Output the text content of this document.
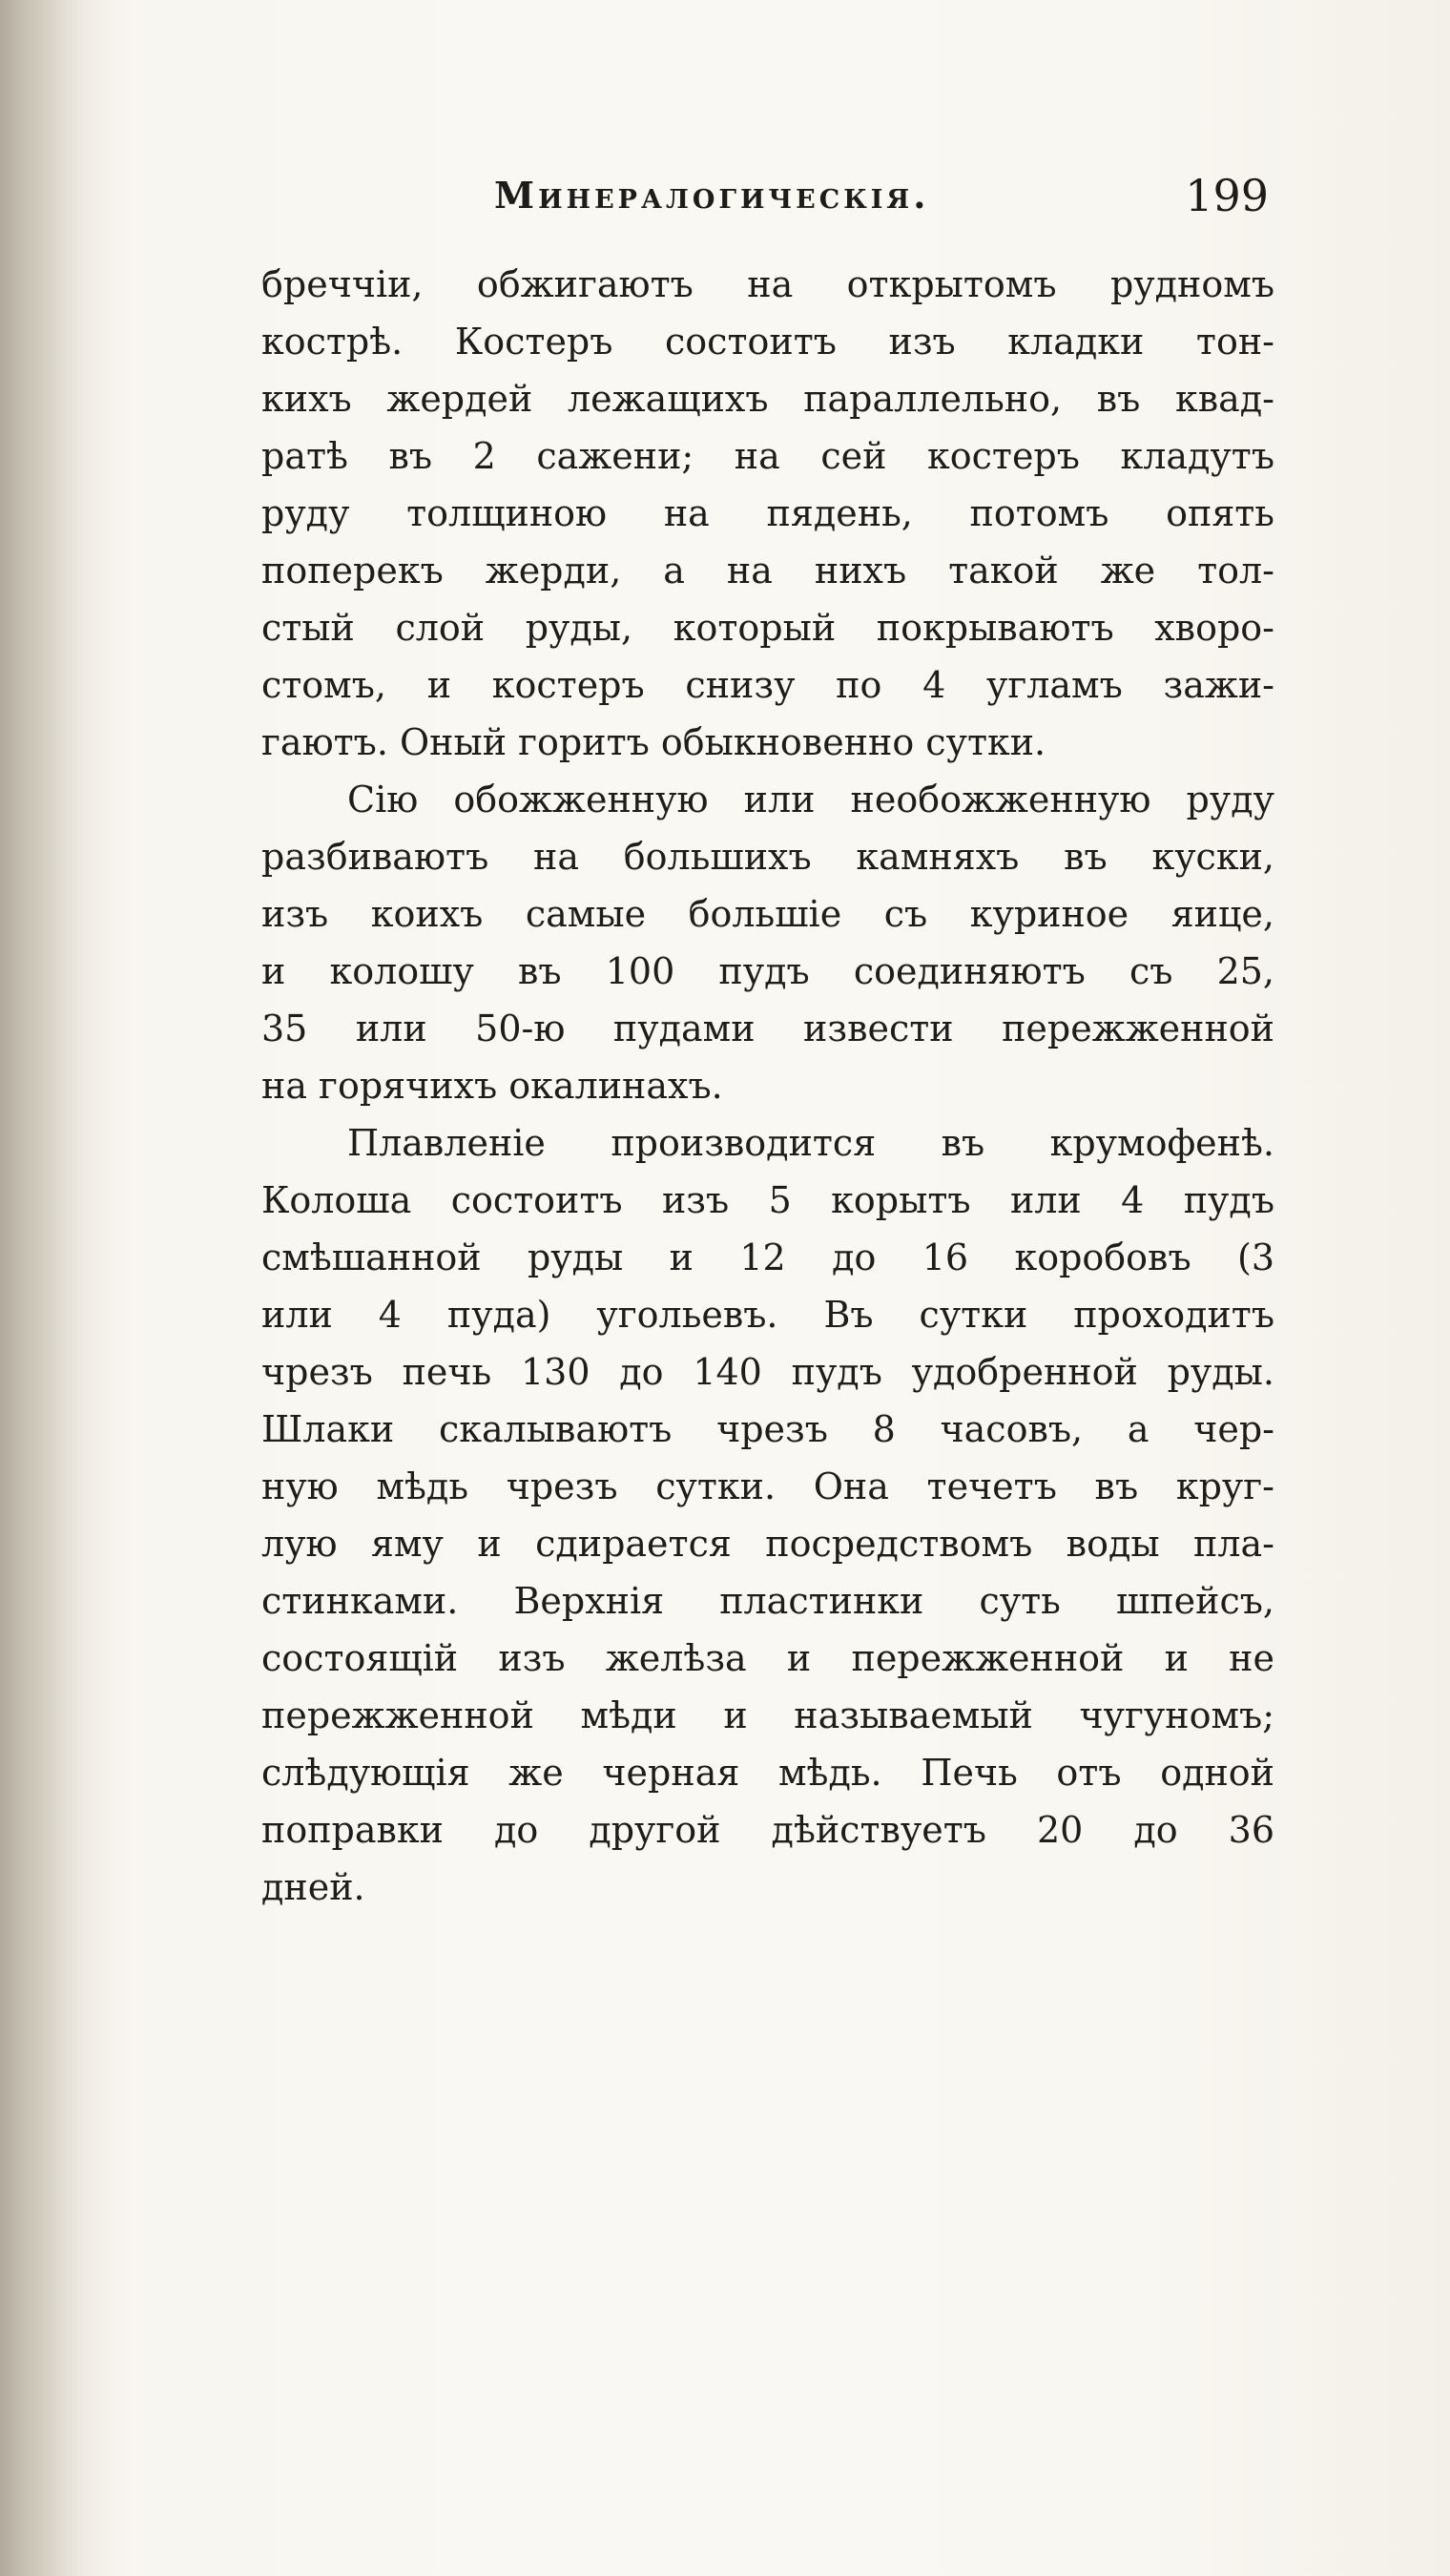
Минералогическія.	199
бреччіи, обжигаютъ на открытомъ рудномъ
кострѣ. Костеръ состоитъ изъ кладки тон-
кихъ жердей лежащихъ параллельно, въ квад-
ратѣ въ 2 сажени; на сей костеръ кладутъ
руду толщиною на пядень, потомъ опять
поперекъ жерди, а на нихъ такой же тол-
стый слой руды, который покрываютъ хворо-
стомъ, и костеръ снизу по 4 угламъ зажи-
гаютъ. Оный горитъ обыкновенно сутки.
Сію обожженную или необожженную руду
разбиваютъ на большихъ камняхъ въ куски,
изъ коихъ самые большіе съ куриное яице,
и колошу въ 100 пудъ соединяютъ съ 25,
35 или 50-ю пудами извести пережженной
на горячихъ окалинахъ.
Плавленіе производится въ крумофенѣ.
Колоша состоитъ изъ 5 корытъ или 4 пудъ
смѣшанной руды и 12 до 16 коробовъ (3
или 4 пуда) угольевъ. Въ сутки проходитъ
чрезъ печь 130 до 140 пудъ удобренной руды.
Шлаки скалываютъ чрезъ 8 часовъ, а чер-
ную мѣдь чрезъ сутки. Она течетъ въ круг-
лую яму и сдирается посредствомъ воды пла-
стинками. Верхнія пластинки суть шпейсъ,
состоящій изъ желѣза и пережженной и не
пережженной мѣди и называемый чугуномъ;
слѣдующія же черная мѣдь. Печь отъ одной
поправки до другой дѣйствуетъ 20 до 36
дней.
